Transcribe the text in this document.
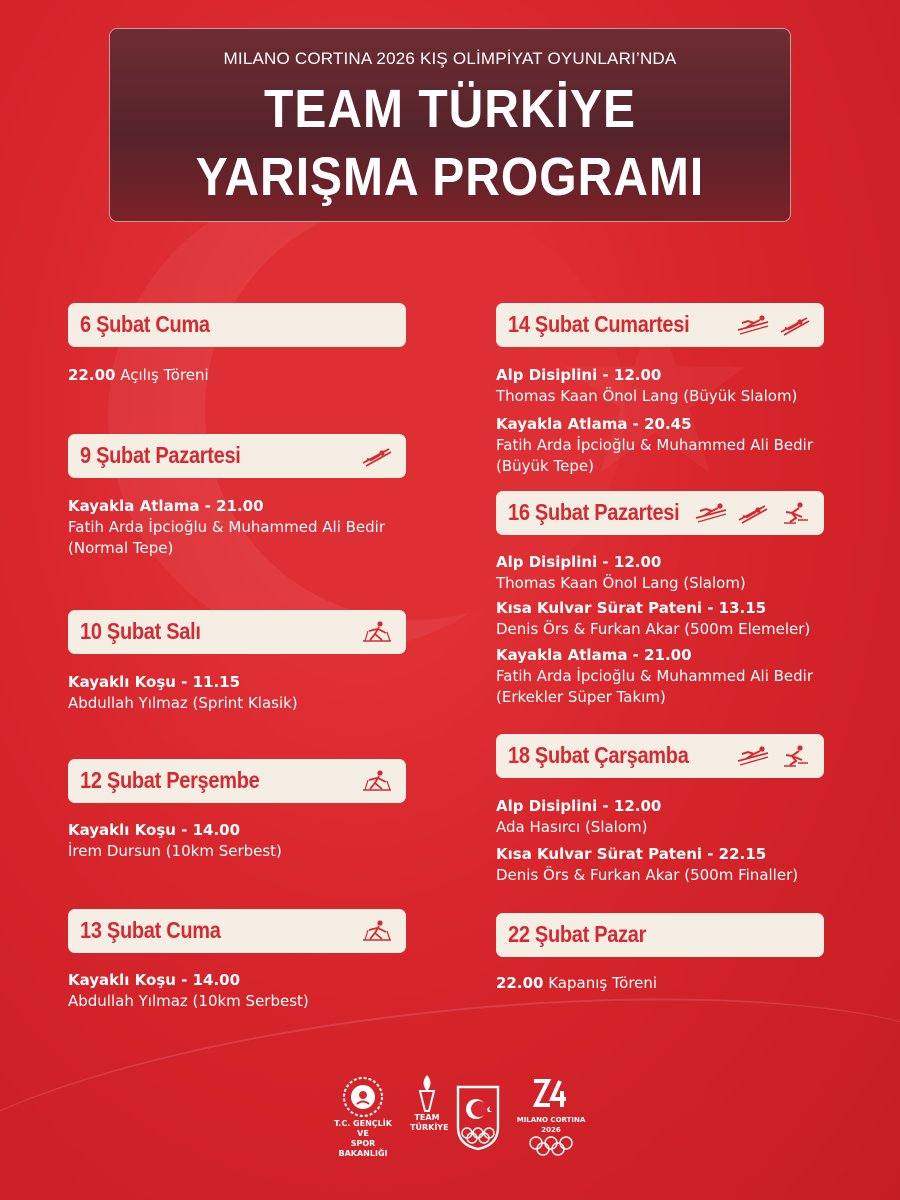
MILANO CORTINA 2026 KIŞ OLİMPİYAT OYUNLARI’NDA
TEAM TÜRKİYE
YARIŞMA PROGRAMI
6 Şubat Cuma
22.00 Açılış Töreni
9 Şubat Pazartesi
Kayakla Atlama - 21.00
Fatih Arda İpcioğlu & Muhammed Ali Bedir
(Normal Tepe)
10 Şubat Salı
Kayaklı Koşu - 11.15
Abdullah Yılmaz (Sprint Klasik)
12 Şubat Perşembe
Kayaklı Koşu - 14.00
İrem Dursun (10km Serbest)
13 Şubat Cuma
Kayaklı Koşu - 14.00
Abdullah Yılmaz (10km Serbest)
14 Şubat Cumartesi
Alp Disiplini - 12.00
Thomas Kaan Önol Lang (Büyük Slalom)
Kayakla Atlama - 20.45
Fatih Arda İpcioğlu & Muhammed Ali Bedir
(Büyük Tepe)
16 Şubat Pazartesi
Alp Disiplini - 12.00
Thomas Kaan Önol Lang (Slalom)
Kısa Kulvar Sürat Pateni - 13.15
Denis Örs & Furkan Akar (500m Elemeler)
Kayakla Atlama - 21.00
Fatih Arda İpcioğlu & Muhammed Ali Bedir
(Erkekler Süper Takım)
18 Şubat Çarşamba
Alp Disiplini - 12.00
Ada Hasırcı (Slalom)
Kısa Kulvar Sürat Pateni - 22.15
Denis Örs & Furkan Akar (500m Finaller)
22 Şubat Pazar
22.00 Kapanış Töreni
T.C. GENÇLİK VE
SPOR BAKANLIĞI
TEAM
TÜRKİYE
MILANO CORTINA
2026
